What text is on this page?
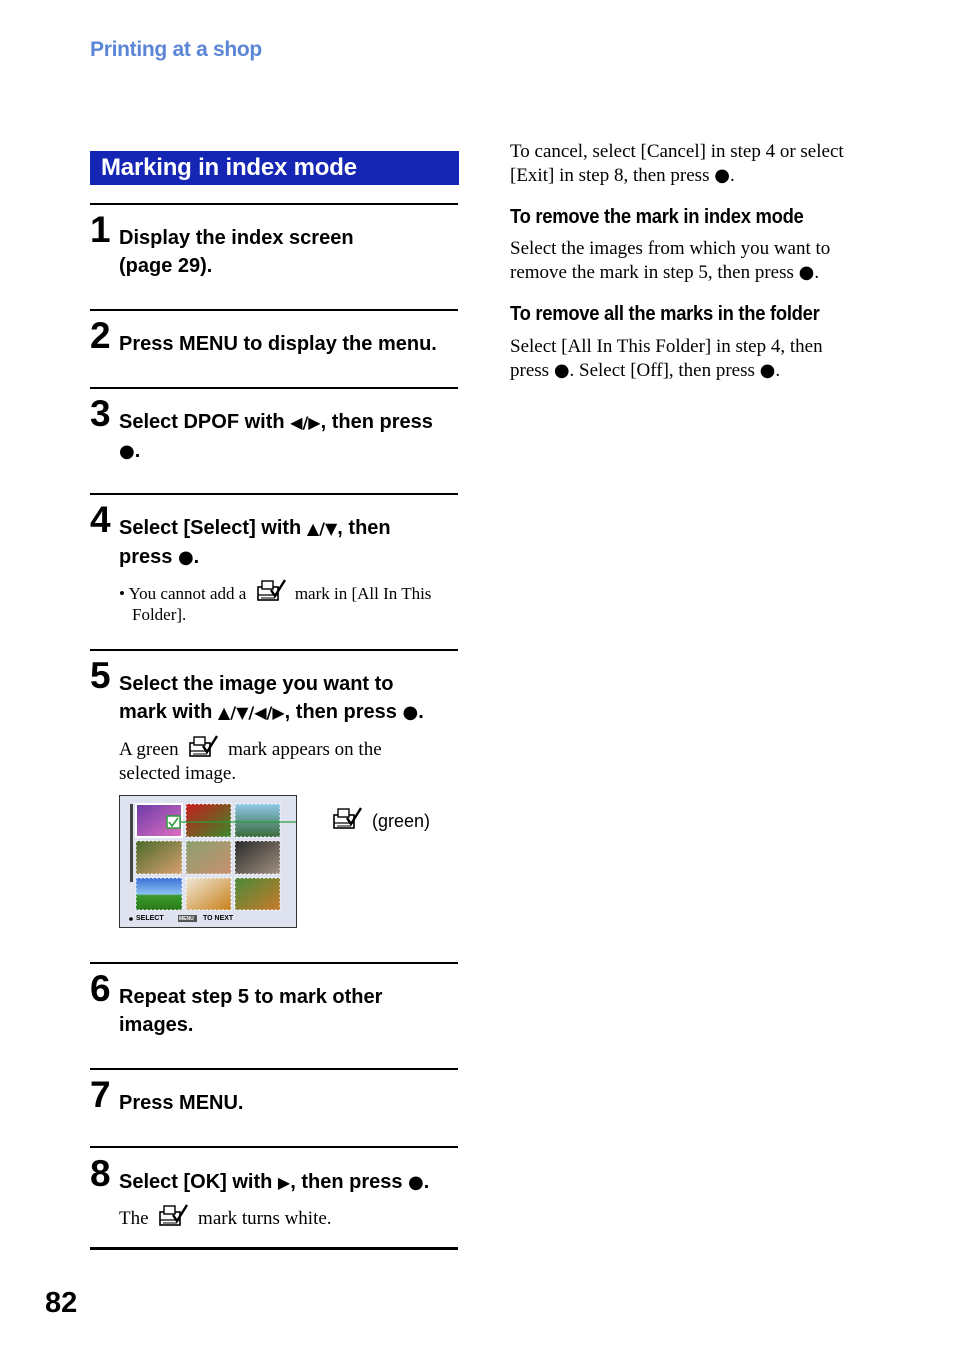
Printing at a shop
Marking in index mode
1 Display the index screen
(page 29).
2 Press MENU to display the menu.
3 Select DPOF with ◀/▶, then press
●.
4 Select [Select] with ▲/▼, then
press ●.
• You cannot add a	mark in [All In This
Folder].
5 Select the image you want to
mark with ▲/▼/◀/▶, then press ●.
A green	mark appears on the
selected image.
SELECT	MENU TO NEXT
(green)
6 Repeat step 5 to mark other
images.
7 Press MENU.
8 Select [OK] with ▶, then press ●.
The	mark turns white.
To cancel, select [Cancel] in step 4 or select
[Exit] in step 8, then press ●.
To remove the mark in index mode
Select the images from which you want to
remove the mark in step 5, then press ●.
To remove all the marks in the folder
Select [All In This Folder] in step 4, then
press ●. Select [Off], then press ●.
82
